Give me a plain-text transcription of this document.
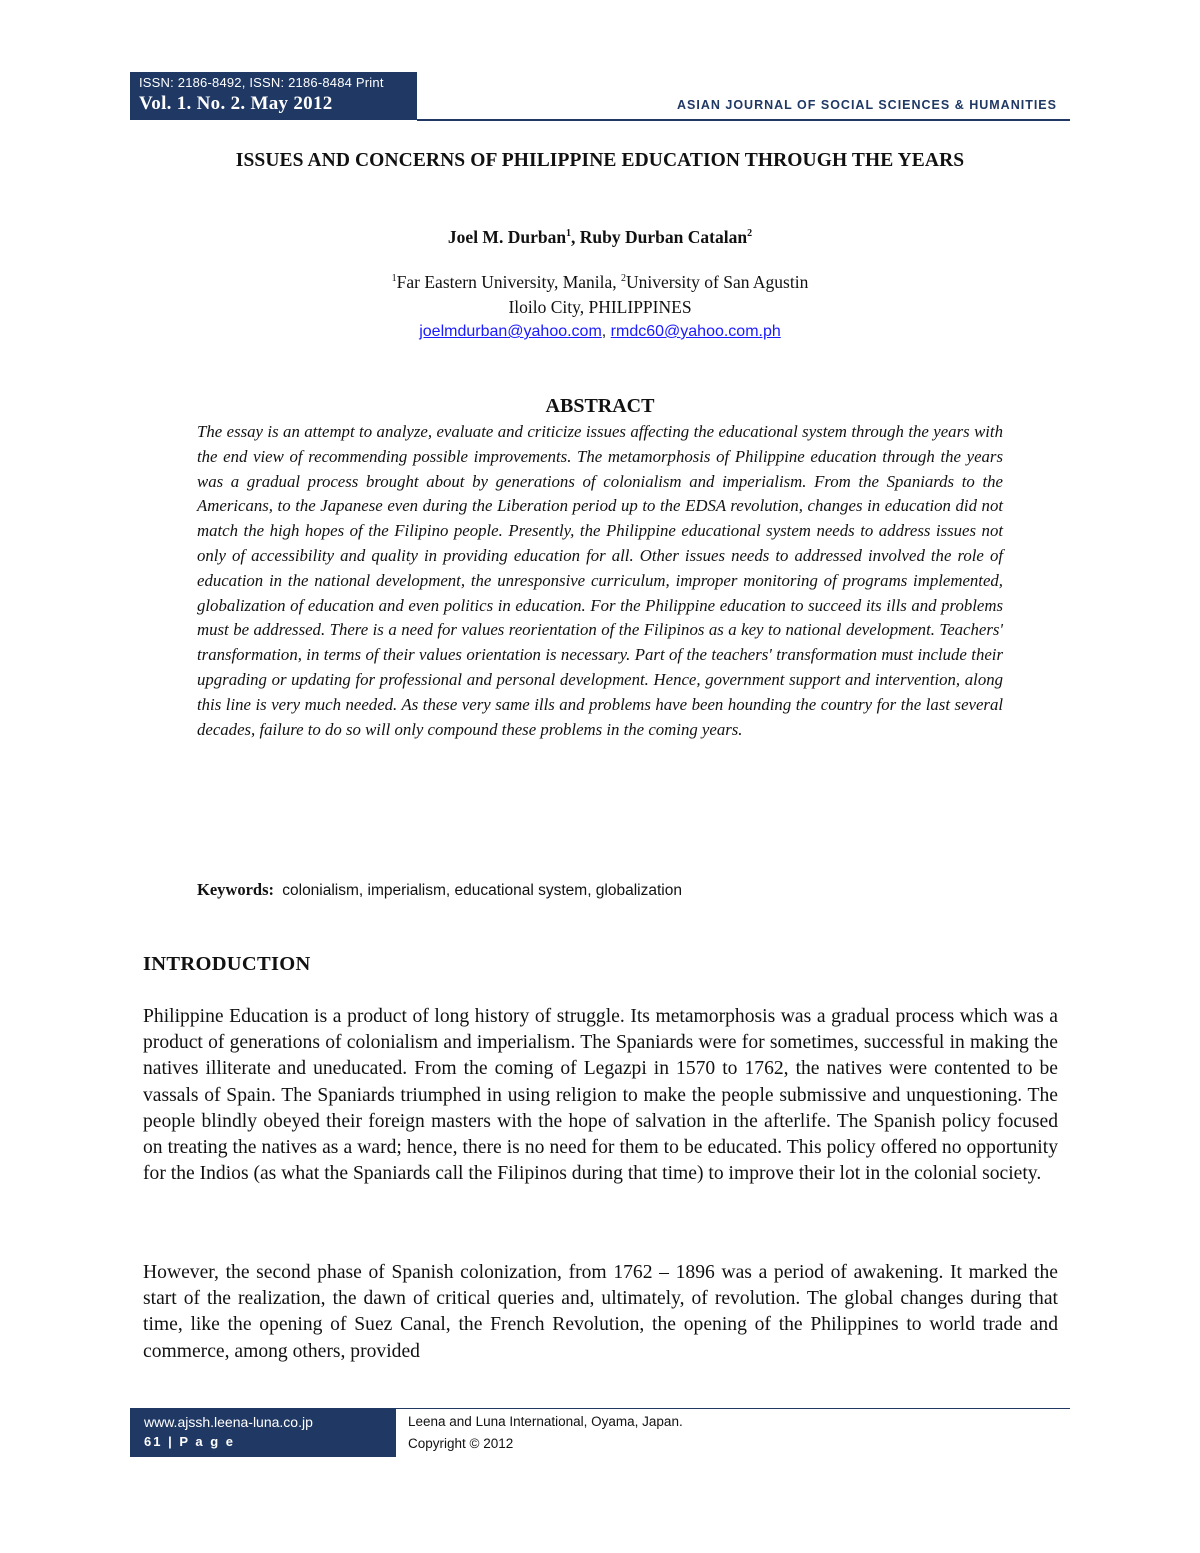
ISSN: 2186-8492, ISSN: 2186-8484 Print
Vol. 1. No. 2. May 2012	ASIAN JOURNAL OF SOCIAL SCIENCES & HUMANITIES
ISSUES AND CONCERNS OF PHILIPPINE EDUCATION THROUGH THE YEARS
Joel M. Durban$^1$, Ruby Durban Catalan$^2$
$^1$Far Eastern University, Manila, $^2$University of San Agustin
Iloilo City, PHILIPPINES
joelmdurban@yahoo.com, rmdc60@yahoo.com.ph
ABSTRACT

The essay is an attempt to analyze, evaluate and criticize issues affecting the educational system through the years with the end view of recommending possible improvements. The metamorphosis of Philippine education through the years was a gradual process brought about by generations of colonialism and imperialism. From the Spaniards to the Americans, to the Japanese even during the Liberation period up to the EDSA revolution, changes in education did not match the high hopes of the Filipino people. Presently, the Philippine educational system needs to address issues not only of accessibility and quality in providing education for all. Other issues needs to addressed involved the role of education in the national development, the unresponsive curriculum, improper monitoring of programs implemented, globalization of education and even politics in education. For the Philippine education to succeed its ills and problems must be addressed. There is a need for values reorientation of the Filipinos as a key to national development. Teachers' transformation, in terms of their values orientation is necessary. Part of the teachers' transformation must include their upgrading or updating for professional and personal development. Hence, government support and intervention, along this line is very much needed. As these very same ills and problems have been hounding the country for the last several decades, failure to do so will only compound these problems in the coming years.

Keywords: colonialism, imperialism, educational system, globalization
INTRODUCTION

Philippine Education is a product of long history of struggle. Its metamorphosis was a gradual process which was a product of generations of colonialism and imperialism. The Spaniards were for sometimes, successful in making the natives illiterate and uneducated. From the coming of Legazpi in 1570 to 1762, the natives were contented to be vassals of Spain. The Spaniards triumphed in using religion to make the people submissive and unquestioning. The people blindly obeyed their foreign masters with the hope of salvation in the afterlife. The Spanish policy focused on treating the natives as a ward; hence, there is no need for them to be educated. This policy offered no opportunity for the Indios (as what the Spaniards call the Filipinos during that time) to improve their lot in the colonial society.

However, the second phase of Spanish colonization, from 1762 – 1896 was a period of awakening. It marked the start of the realization, the dawn of critical queries and, ultimately, of revolution. The global changes during that time, like the opening of Suez Canal, the French Revolution, the opening of the Philippines to world trade and commerce, among others, provided

www.ajssh.leena-luna.co.jp
61 | P a g e
Leena and Luna International, Oyama, Japan.
Copyright © 2012
